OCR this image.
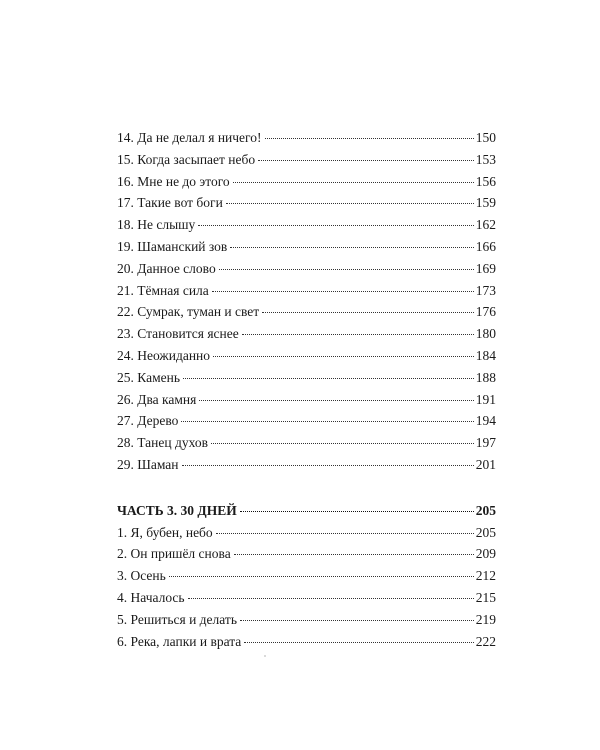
14. Да не делал я ничего!	150
15. Когда засыпает небо	153
16. Мне не до этого	156
17. Такие вот боги	159
18. Не слышу	162
19. Шаманский зов	166
20. Данное слово	169
21. Тёмная сила	173
22. Сумрак, туман и свет	176
23. Становится яснее	180
24. Неожиданно	184
25. Камень	188
26. Два камня	191
27. Дерево	194
28. Танец духов	197
29. Шаман	201
ЧАСТЬ 3. 30 ДНЕЙ	205
1. Я, бубен, небо	205
2. Он пришёл снова	209
3. Осень	212
4. Началось	215
5. Решиться и делать	219
6. Река, лапки и врата	222
